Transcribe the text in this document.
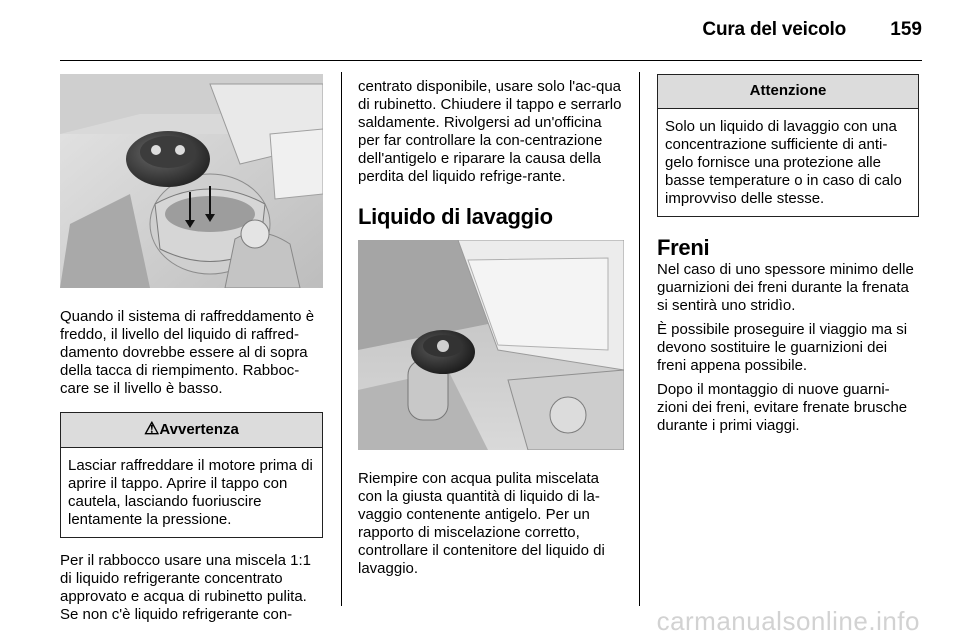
Cura del veicolo 159

Quando il sistema di raffreddamento è freddo, il livello del liquido di raffred-damento dovrebbe essere al di sopra della tacca di riempimento. Rabboc-care se il livello è basso.

⚠Avvertenza
Lasciar raffreddare il motore prima di aprire il tappo. Aprire il tappo con cautela, lasciando fuoriuscire lentamente la pressione.

Per il rabbocco usare una miscela 1:1 di liquido refrigerante concentrato approvato e acqua di rubinetto pulita. Se non c'è liquido refrigerante con-

centrato disponibile, usare solo l'ac-qua di rubinetto. Chiudere il tappo e serrarlo saldamente. Rivolgersi ad un'officina per far controllare la con-centrazione dell'antigelo e riparare la causa della perdita del liquido refrige-rante.

Liquido di lavaggio

Riempire con acqua pulita miscelata con la giusta quantità di liquido di la-vaggio contenente antigelo. Per un rapporto di miscelazione corretto, controllare il contenitore del liquido di lavaggio.

Attenzione
Solo un liquido di lavaggio con una concentrazione sufficiente di anti-gelo fornisce una protezione alle basse temperature o in caso di calo improvviso delle stesse.
Freni

Nel caso di uno spessore minimo delle guarnizioni dei freni durante la frenata si sentirà uno stridìo.

È possibile proseguire il viaggio ma si devono sostituire le guarnizioni dei freni appena possibile.

Dopo il montaggio di nuove guarni-zioni dei freni, evitare frenate brusche durante i primi viaggi.

carmanualsonline.info
